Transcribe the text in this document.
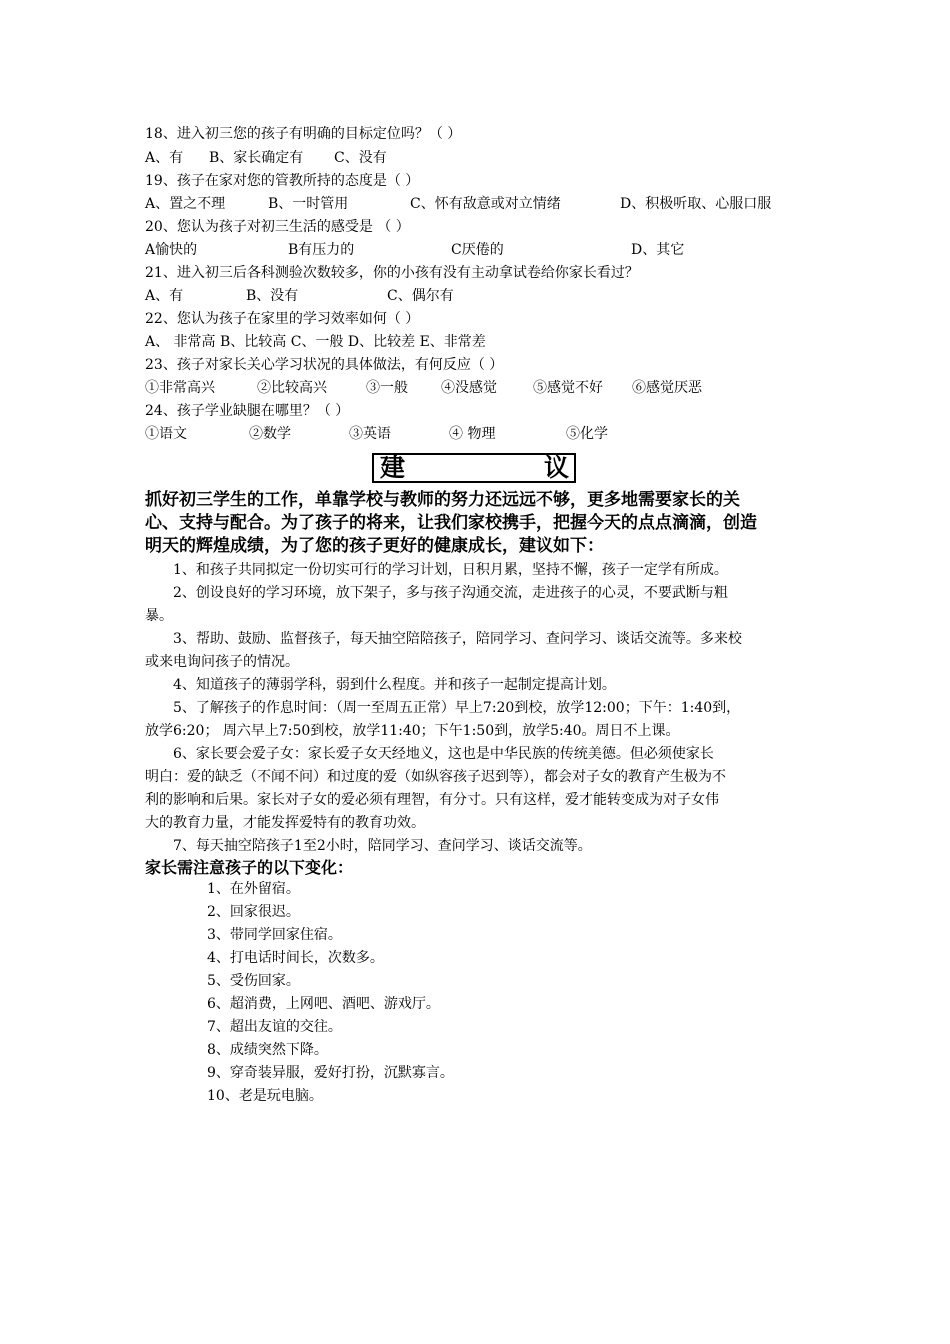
18、进入初三您的孩子有明确的目标定位吗？（ ）
A、有 B、家长确定有 C、没有
19、孩子在家对您的管教所持的态度是（ ）
A、置之不理	B、一时管用	C、怀有敌意或对立情绪	D、积极听取、心服口服
20、您认为孩子对初三生活的感受是 （ ）
A愉快的	B有压力的	C厌倦的	D、其它
21、进入初三后各科测验次数较多，你的小孩有没有主动拿试卷给你家长看过？
A、有	B、没有	C、偶尔有
22、您认为孩子在家里的学习效率如何（ ）
A、 非常高 B、比较高 C、一般 D、比较差 E、非常差
23、孩子对家长关心学习状况的具体做法，有何反应（ ）
①非常高兴	②比较高兴	③一般 ④没感觉	⑤感觉不好 ⑥感觉厌恶
24、孩子学业缺腿在哪里？（ ）
①语文	②数学	③英语	④ 物理	⑤化学
建	议
抓好初三学生的工作，单靠学校与教师的努力还远远不够，更多地需要家长的关
心、支持与配合。为了孩子的将来，让我们家校携手，把握今天的点点滴滴，创造
明天的辉煌成绩，为了您的孩子更好的健康成长，建议如下：
　　1、和孩子共同拟定一份切实可行的学习计划，日积月累，坚持不懈，孩子一定学有所成。
　　2、创设良好的学习环境，放下架子，多与孩子沟通交流，走进孩子的心灵，不要武断与粗
暴。
　　3、帮助、鼓励、监督孩子，每天抽空陪陪孩子，陪同学习、查问学习、谈话交流等。多来校
或来电询问孩子的情况。
　　4、知道孩子的薄弱学科，弱到什么程度。并和孩子一起制定提高计划。
　　5、了解孩子的作息时间：（周一至周五正常）早上7:20到校，放学12:00；下午：1:40到，
放学6:20； 周六早上7:50到校，放学11:40；下午1:50到，放学5:40。周日不上课。
　　6、家长要会爱子女：家长爱子女天经地义，这也是中华民族的传统美德。但必须使家长
明白：爱的缺乏（不闻不问）和过度的爱（如纵容孩子迟到等），都会对子女的教育产生极为不
利的影响和后果。家长对子女的爱必须有理智，有分寸。只有这样，爱才能转变成为对子女伟
大的教育力量，才能发挥爱特有的教育功效。
　　7、每天抽空陪孩子1至2小时，陪同学习、查问学习、谈话交流等。
家长需注意孩子的以下变化：
1、在外留宿。
2、回家很迟。
3、带同学回家住宿。
4、打电话时间长，次数多。
5、受伤回家。
6、超消费，上网吧、酒吧、游戏厅。
7、超出友谊的交往。
8、成绩突然下降。
9、穿奇装异服，爱好打扮，沉默寡言。
10、老是玩电脑。
